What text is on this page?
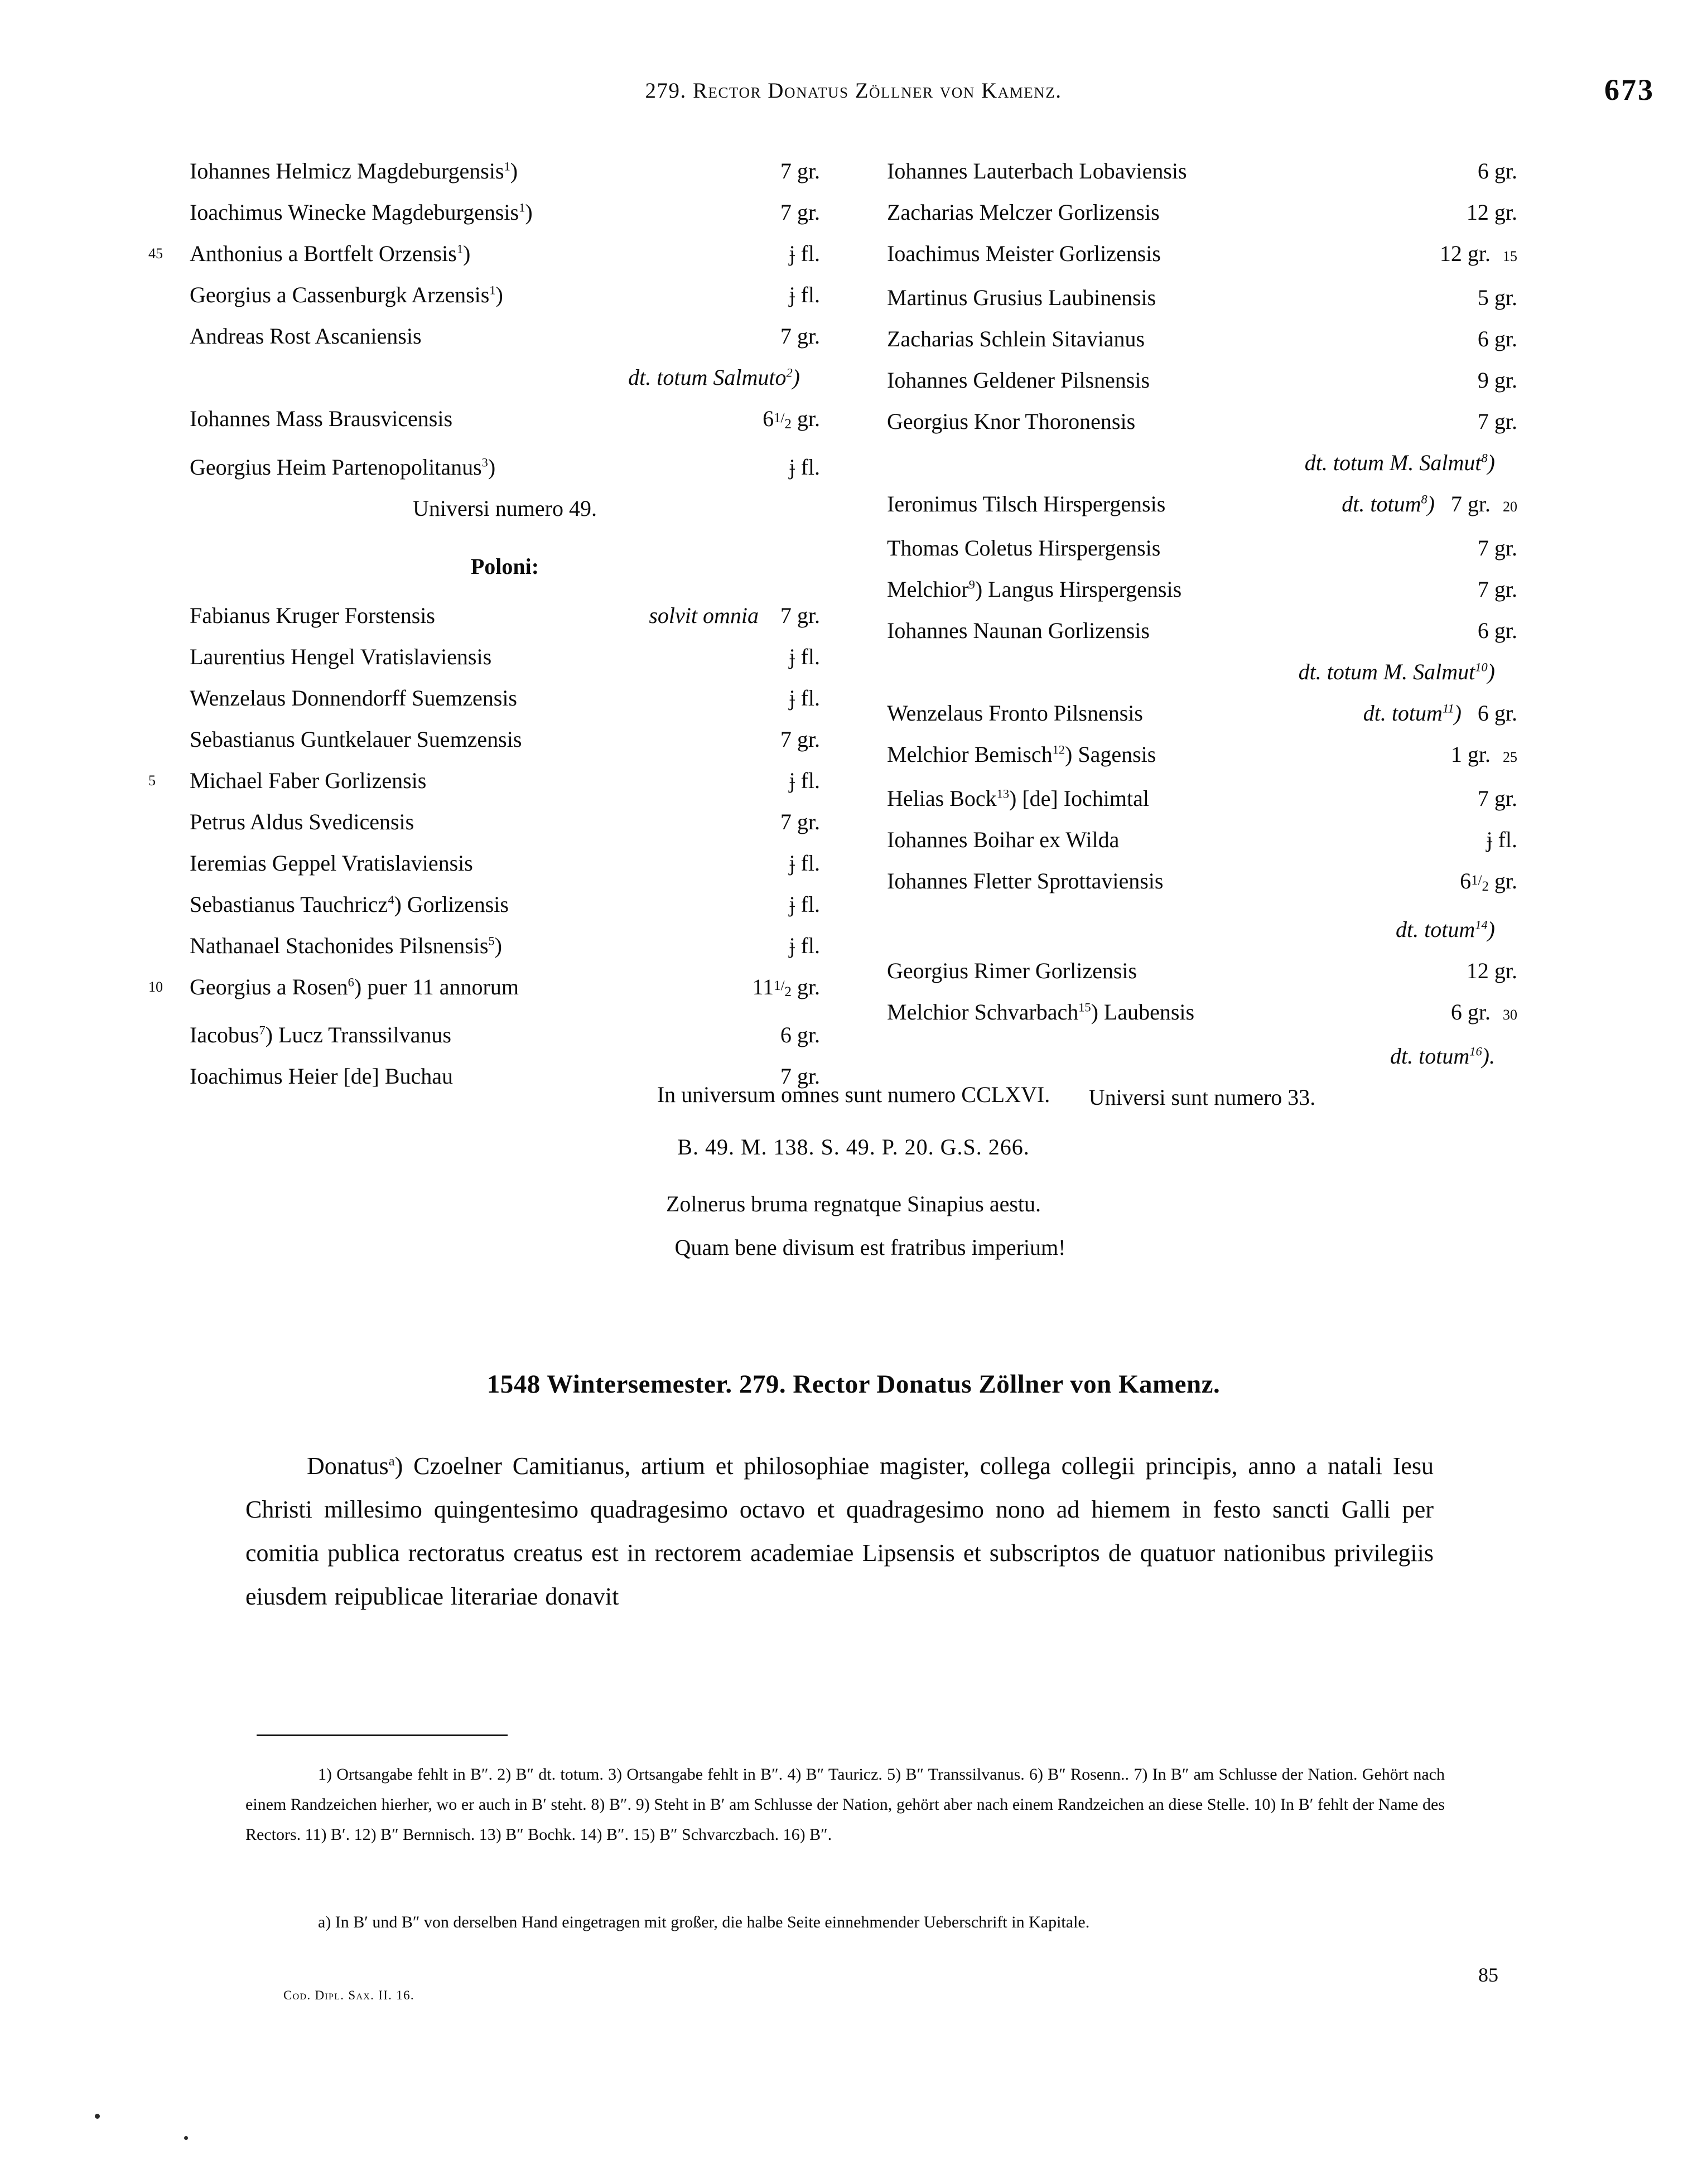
279. Rector Donatus Zöllner von Kamenz.	673
Iohannes Helmicz Magdeburgensis$^1$)	7 gr.
Ioachimus Winecke Magdeburgensis$^1$)	7 gr.
45 Anthonius a Bortfelt Orzensis$^1$)	ɉ fl.
Georgius a Cassenburgk Arzensis$^1$)	ɉ fl.
Andreas Rost Ascaniensis	7 gr.
dt. totum Salmuto$^2$)
Iohannes Mass Brausvicensis	61/2 gr.
Georgius Heim Partenopolitanus$^3$)	ɉ fl.
Universi numero 49.
Poloni:
Fabianus Kruger Forstensis	solvit omnia 7 gr.
Laurentius Hengel Vratislaviensis	ɉ fl.
Wenzelaus Donnendorff Suemzensis	ɉ fl.
Sebastianus Guntkelauer Suemzensis	7 gr.
5 Michael Faber Gorlizensis	ɉ fl.
Petrus Aldus Svedicensis	7 gr.
Ieremias Geppel Vratislaviensis	ɉ fl.
Sebastianus Tauchricz$^4$) Gorlizensis	ɉ fl.
Nathanael Stachonides Pilsnensis$^5$)	ɉ fl.
10 Georgius a Rosen$^6$) puer 11 annorum	111/2 gr.
Iacobus$^7$) Lucz Transsilvanus	6 gr.
Ioachimus Heier [de] Buchau	7 gr.
Iohannes Lauterbach Lobaviensis	6 gr.
Zacharias Melczer Gorlizensis	12 gr.
Ioachimus Meister Gorlizensis	12 gr. 15
Martinus Grusius Laubinensis	5 gr.
Zacharias Schlein Sitavianus	6 gr.
Iohannes Geldener Pilsnensis	9 gr.
Georgius Knor Thoronensis	7 gr.
dt. totum M. Salmut$^8$)
Ieronimus Tilsch Hirspergensis	dt. totum$^8$) 7 gr. 20
Thomas Coletus Hirspergensis	7 gr.
Melchior$^9$) Langus Hirspergensis	7 gr.
Iohannes Naunan Gorlizensis	6 gr.
dt. totum M. Salmut$^{10}$)
Wenzelaus Fronto Pilsnensis	dt. totum$^{11}$) 6 gr.
Melchior Bemisch$^{12}$) Sagensis	1 gr. 25
Helias Bock$^{13}$) [de] Iochimtal	7 gr.
Iohannes Boihar ex Wilda	ɉ fl.
Iohannes Fletter Sprottaviensis	61/2 gr.
dt. totum$^{14}$)
Georgius Rimer Gorlizensis	12 gr.
Melchior Schvarbach$^{15}$) Laubensis	6 gr. 30
dt. totum$^{16}$).
Universi sunt numero 33.
In universum omnes sunt numero CCLXVI.
B. 49. M. 138. S. 49. P. 20. G.S. 266.
Zolnerus bruma regnatque Sinapius aestu.
Quam bene divisum est fratribus imperium!
1548 Wintersemester. 279. Rector Donatus Zöllner von Kamenz.
Donatus$^a$) Czoelner Camitianus, artium et philosophiae magister, collega collegii principis, anno a natali Iesu Christi millesimo quingentesimo quadragesimo octavo et quadragesimo nono ad hiemem in festo sancti Galli per comitia publica rectoratus creatus est in rectorem academiae Lipsensis et subscriptos de quatuor nationibus privilegiis eiusdem reipublicae literariae donavit
1) Ortsangabe fehlt in B″. 2) B″ dt. totum. 3) Ortsangabe fehlt in B″. 4) B″ Tauricz. 5) B″ Transsilvanus. 6) B″ Rosenn.. 7) In B″ am Schlusse der Nation. Gehört nach einem Randzeichen hierher, wo er auch in B′ steht. 8) B″. 9) Steht in B′ am Schlusse der Nation, gehört aber nach einem Randzeichen an diese Stelle. 10) In B′ fehlt der Name des Rectors. 11) B′. 12) B″ Bernnisch. 13) B″ Bochk. 14) B″. 15) B″ Schvarczbach. 16) B″.
a) In B′ und B″ von derselben Hand eingetragen mit großer, die halbe Seite einnehmender Ueberschrift in Kapitale.
Cod. Dipl. Sax. II. 16.
85
